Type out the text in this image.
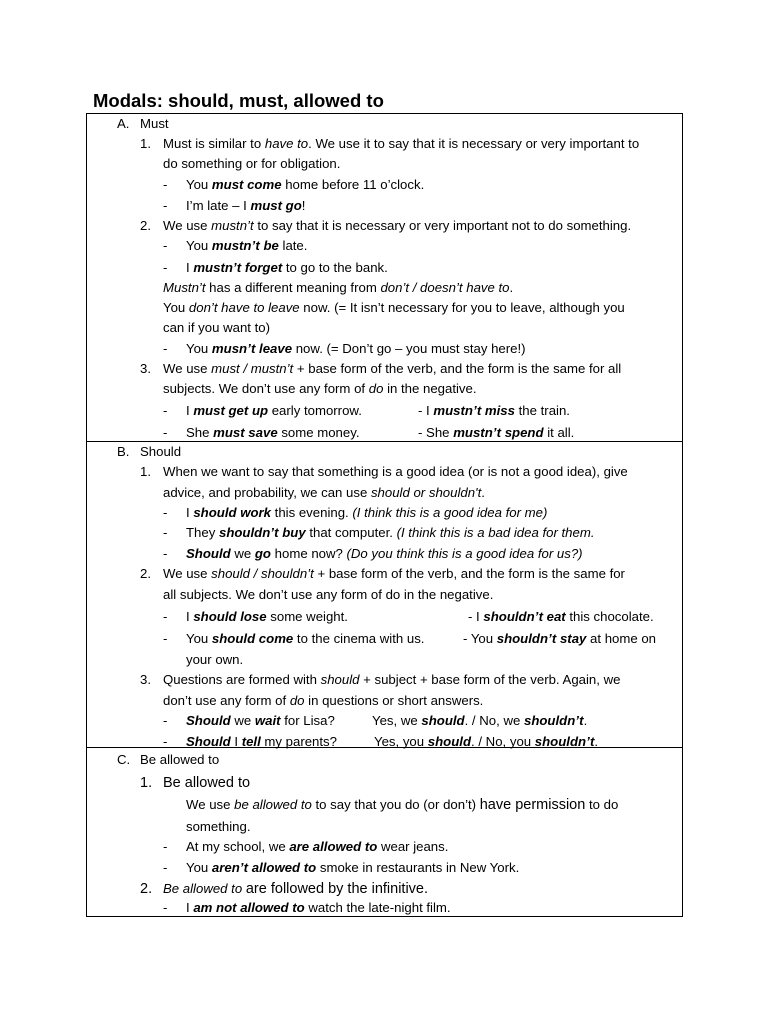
Modals: should, must, allowed to
A. Must
1. Must is similar to have to. We use it to say that it is necessary or very important to
do something or for obligation.
- You must come home before 11 o’clock.
- I’m late – I must go!
2. We use mustn’t to say that it is necessary or very important not to do something.
- You mustn’t be late.
- I mustn’t forget to go to the bank.
Mustn’t has a different meaning from don’t / doesn’t have to.
You don’t have to leave now. (= It isn’t necessary for you to leave, although you
can if you want to)
- You musn’t leave now. (= Don’t go – you must stay here!)
3. We use must / mustn’t + base form of the verb, and the form is the same for all
subjects. We don’t use any form of do in the negative.
- I must get up early tomorrow.	- I mustn’t miss the train.
- She must save some money.	- She mustn’t spend it all.
B. Should
1. When we want to say that something is a good idea (or is not a good idea), give
advice, and probability, we can use should or shouldn't.
- I should work this evening. (I think this is a good idea for me)
- They shouldn’t buy that computer. (I think this is a bad idea for them.
- Should we go home now? (Do you think this is a good idea for us?)
2. We use should / shouldn’t + base form of the verb, and the form is the same for
all subjects. We don’t use any form of do in the negative.
- I should lose some weight.	- I shouldn’t eat this chocolate.
- You should come to the cinema with us.	- You shouldn’t stay at home on
your own.
3. Questions are formed with should + subject + base form of the verb. Again, we
don’t use any form of do in questions or short answers.
- Should we wait for Lisa?	Yes, we should. / No, we shouldn’t.
- Should I tell my parents?	Yes, you should. / No, you shouldn’t.
C. Be allowed to
1. Be allowed to
We use be allowed to to say that you do (or don’t) have permission to do
something.
- At my school, we are allowed to wear jeans.
- You aren’t allowed to smoke in restaurants in New York.
2. Be allowed to are followed by the infinitive.
- I am not allowed to watch the late-night film.
